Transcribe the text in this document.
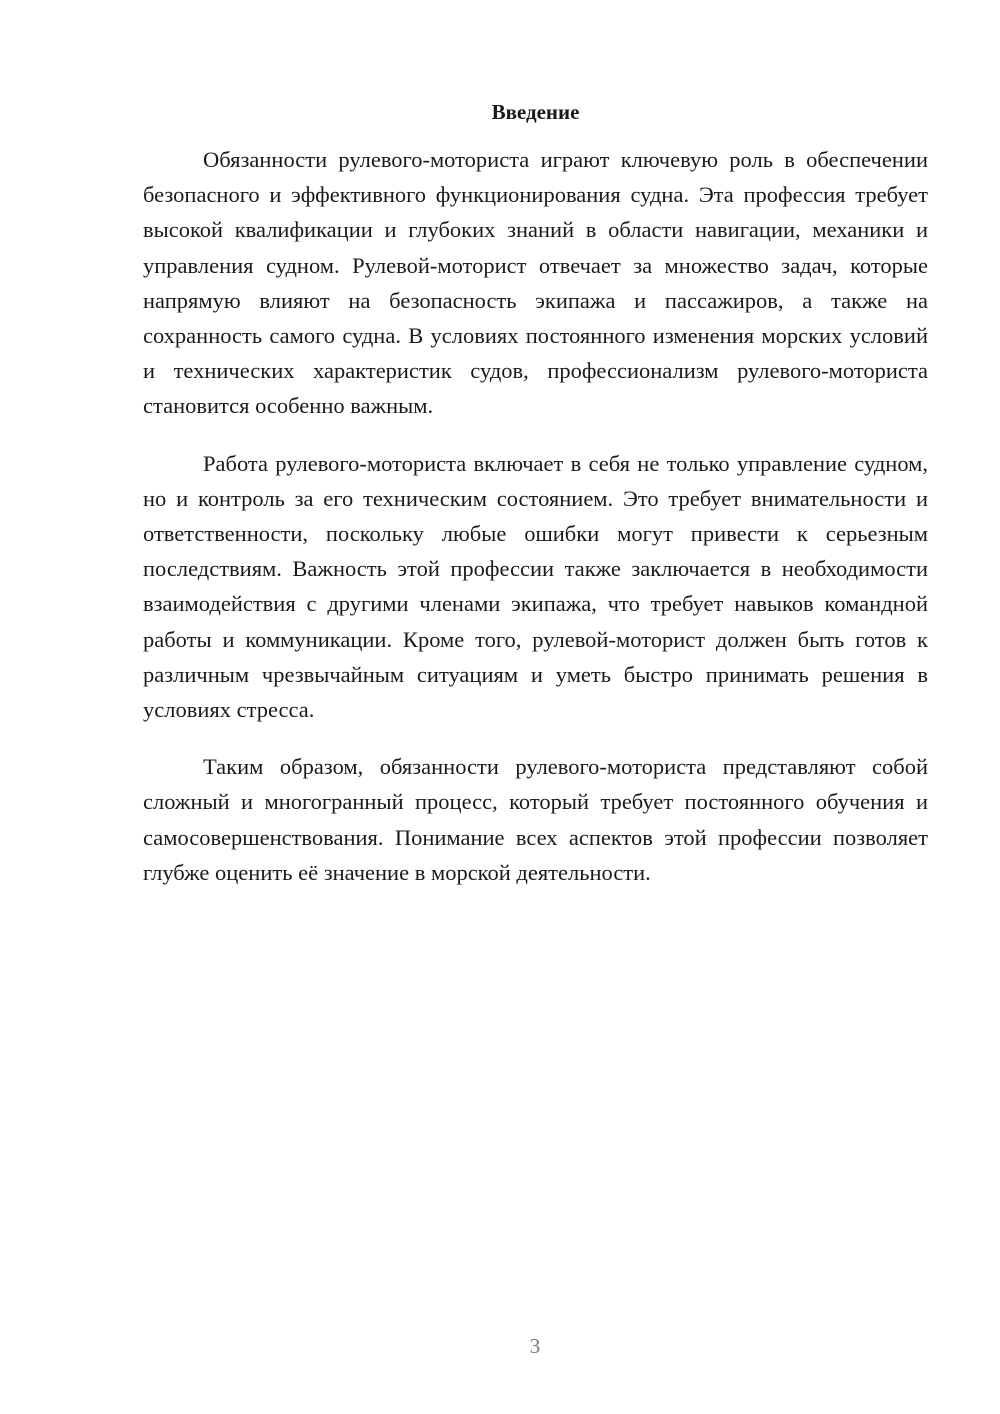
Введение

Обязанности рулевого-моториста играют ключевую роль в обеспечении безопасного и эффективного функционирования судна. Эта профессия требует высокой квалификации и глубоких знаний в области навигации, механики и управления судном. Рулевой-моторист отвечает за множество задач, которые напрямую влияют на безопасность экипажа и пассажиров, а также на сохранность самого судна. В условиях постоянного изменения морских условий и технических характеристик судов, профессионализм рулевого-моториста становится особенно важным.

Работа рулевого-моториста включает в себя не только управление судном, но и контроль за его техническим состоянием. Это требует внимательности и ответственности, поскольку любые ошибки могут привести к серьезным последствиям. Важность этой профессии также заключается в необходимости взаимодействия с другими членами экипажа, что требует навыков командной работы и коммуникации. Кроме того, рулевой-моторист должен быть готов к различным чрезвычайным ситуациям и уметь быстро принимать решения в условиях стресса.

Таким образом, обязанности рулевого-моториста представляют собой сложный и многогранный процесс, который требует постоянного обучения и самосовершенствования. Понимание всех аспектов этой профессии позволяет глубже оценить её значение в морской деятельности.

3
